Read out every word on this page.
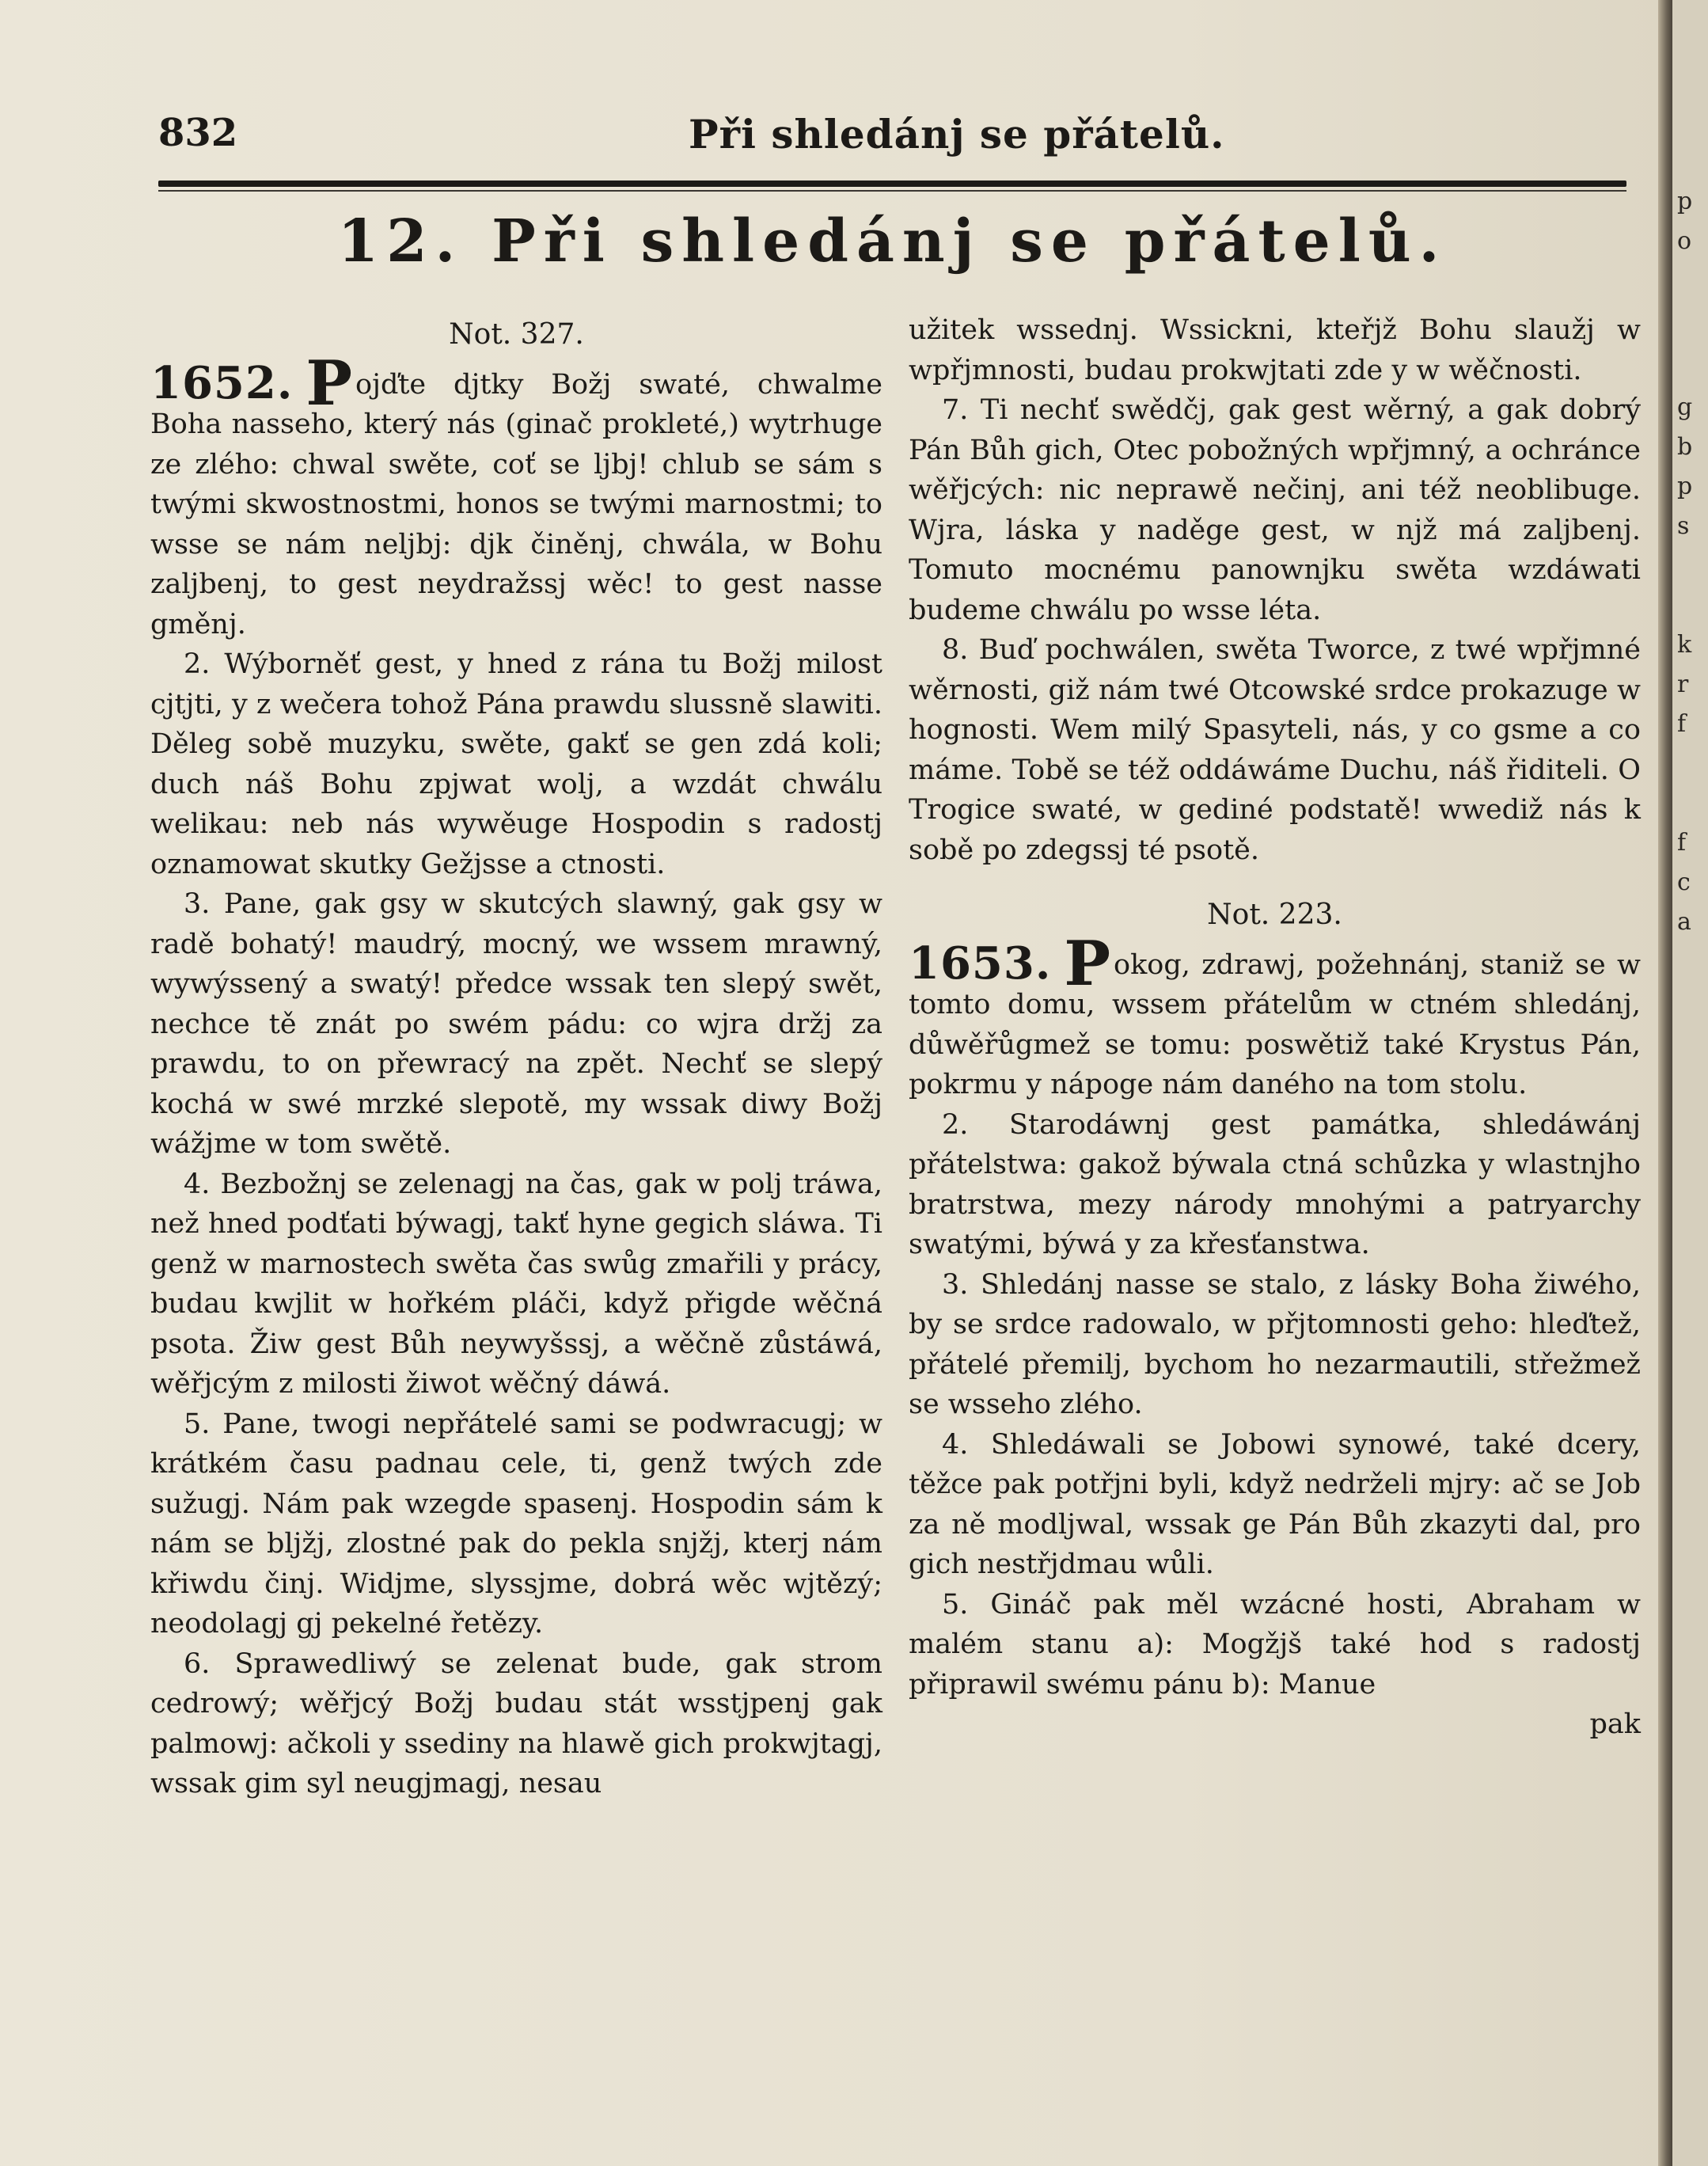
832	Při shledánj se přátelů.
12. Při shledánj se přátelů.

Not. 327.

1652. P ojďte djtky Božj swaté, chwalme Boha nasseho, který nás (ginač prokleté,) wytrhuge ze zlého: chwal swěte, coť se ljbj! chlub se sám s twými skwostnostmi, honos se twými marnostmi; to wsse se nám neljbj: djk činěnj, chwála, w Bohu zaljbenj, to gest neydražssj wěc! to gest nasse gměnj.

2. Wýborněť gest, y hned z rána tu Božj milost cjtjti, y z wečera tohož Pána prawdu slussně slawiti. Děleg sobě muzyku, swěte, gakť se gen zdá koli; duch náš Bohu zpjwat wolj, a wzdát chwálu welikau: neb nás wywěuge Hospodin s radostj oznamowat skutky Gežjsse a ctnosti.

3. Pane, gak gsy w skutcých slawný, gak gsy w radě bohatý! maudrý, mocný, we wssem mrawný, wywýssený a swatý! předce wssak ten slepý swět, nechce tě znát po swém pádu: co wjra držj za prawdu, to on přewracý na zpět. Nechť se slepý kochá w swé mrzké slepotě, my wssak diwy Božj wážjme w tom swětě.

4. Bezbožnj se zelenagj na čas, gak w polj tráwa, než hned podťati býwagj, takť hyne gegich sláwa. Ti genž w marnostech swěta čas swůg zmařili y prácy, budau kwjlit w hořkém pláči, když přigde wěčná psota. Žiw gest Bůh neywyšssj, a wěčně zůstáwá, wěřjcým z milosti žiwot wěčný dáwá.

5. Pane, twogi nepřátelé sami se podwracugj; w krátkém času padnau cele, ti, genž twých zde sužugj. Nám pak wzegde spasenj. Hospodin sám k nám se bljžj, zlostné pak do pekla snjžj, kterj nám křiwdu činj. Widjme, slyssjme, dobrá wěc wjtězý; neodolagj gj pekelné řetězy.

6. Sprawedliwý se zelenat bude, gak strom cedrowý; wěřjcý Božj budau stát wsstjpenj gak palmowj: ačkoli y ssediny na hlawě gich prokwjtagj, wssak gim syl neugjmagj, nesau

užitek wssednj. Wssickni, kteřjž Bohu slaužj w wpřjmnosti, budau prokwjtati zde y w wěčnosti.

7. Ti nechť swědčj, gak gest wěrný, a gak dobrý Pán Bůh gich, Otec pobožných wpřjmný, a ochránce wěřjcých: nic neprawě nečinj, ani též neoblibuge. Wjra, láska y naděge gest, w njž má zaljbenj. Tomuto mocnému panownjku swěta wzdáwati budeme chwálu po wsse léta.

8. Buď pochwálen, swěta Tworce, z twé wpřjmné wěrnosti, giž nám twé Otcowské srdce prokazuge w hognosti. Wem milý Spasyteli, nás, y co gsme a co máme. Tobě se též oddáwáme Duchu, náš řiditeli. O Trogice swaté, w gediné podstatě! wwediž nás k sobě po zdegssj té psotě.

Not. 223.

1653. P okog, zdrawj, požehnánj, staniž se w tomto domu, wssem přátelům w ctném shledánj, důwěřůgmež se tomu: poswětiž také Krystus Pán, pokrmu y nápoge nám daného na tom stolu.

2. Starodáwnj gest památka, shledáwánj přátelstwa: gakož býwala ctná schůzka y wlastnjho bratrstwa, mezy národy mnohými a patryarchy swatými, býwá y za křesťanstwa.

3. Shledánj nasse se stalo, z lásky Boha žiwého, by se srdce radowalo, w přjtomnosti geho: hleďtež, přátelé přemilj, bychom ho nezarmautili, střežmež se wsseho zlého.

4. Shledáwali se Jobowi synowé, také dcery, těžce pak potřjni byli, když nedrželi mjry: ač se Job za ně modljwal, wssak ge Pán Bůh zkazyti dal, pro gich nestřjdmau wůli.

5. Gináč pak měl wzácné hosti, Abraham w malém stanu a): Mogžjš také hod s radostj připrawil swému pánu b): Manue

pak

p
o
g
b
p
s
k
r
f
f
c
a
